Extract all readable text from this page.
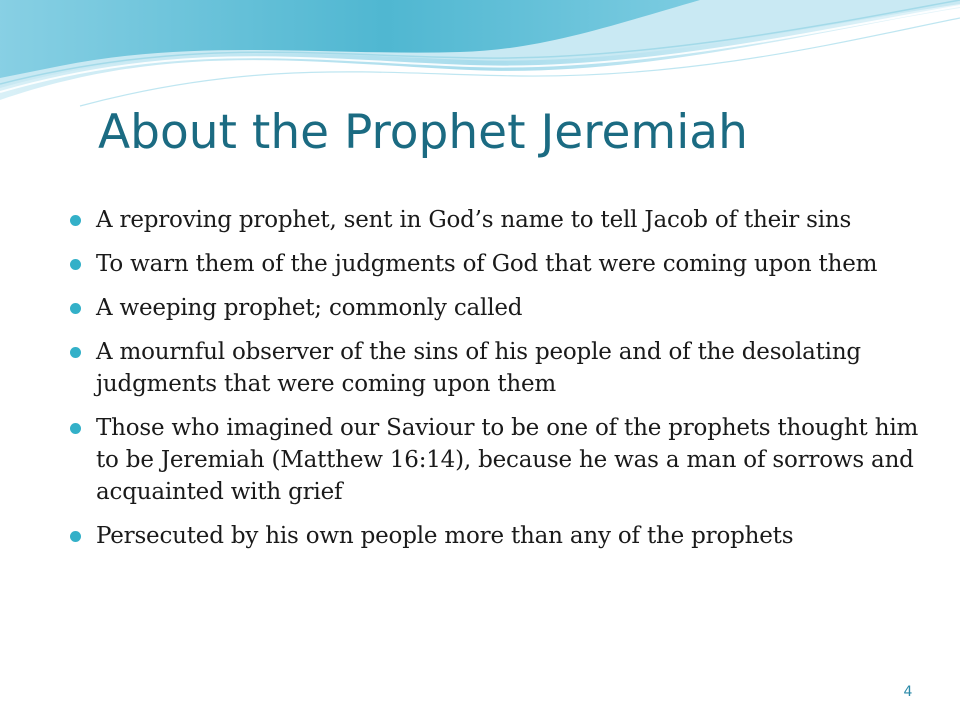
About the Prophet Jeremiah
A reproving prophet, sent in God’s name to tell Jacob of their sins
To warn them of the judgments of God that were coming upon them
A weeping prophet; commonly called
A mournful observer of the sins of his people and of the desolating judgments that were coming upon them
Those who imagined our Saviour to be one of the prophets thought him to be Jeremiah (Matthew 16:14), because he was a man of sorrows and acquainted with grief
Persecuted by his own people more than any of the prophets
4
